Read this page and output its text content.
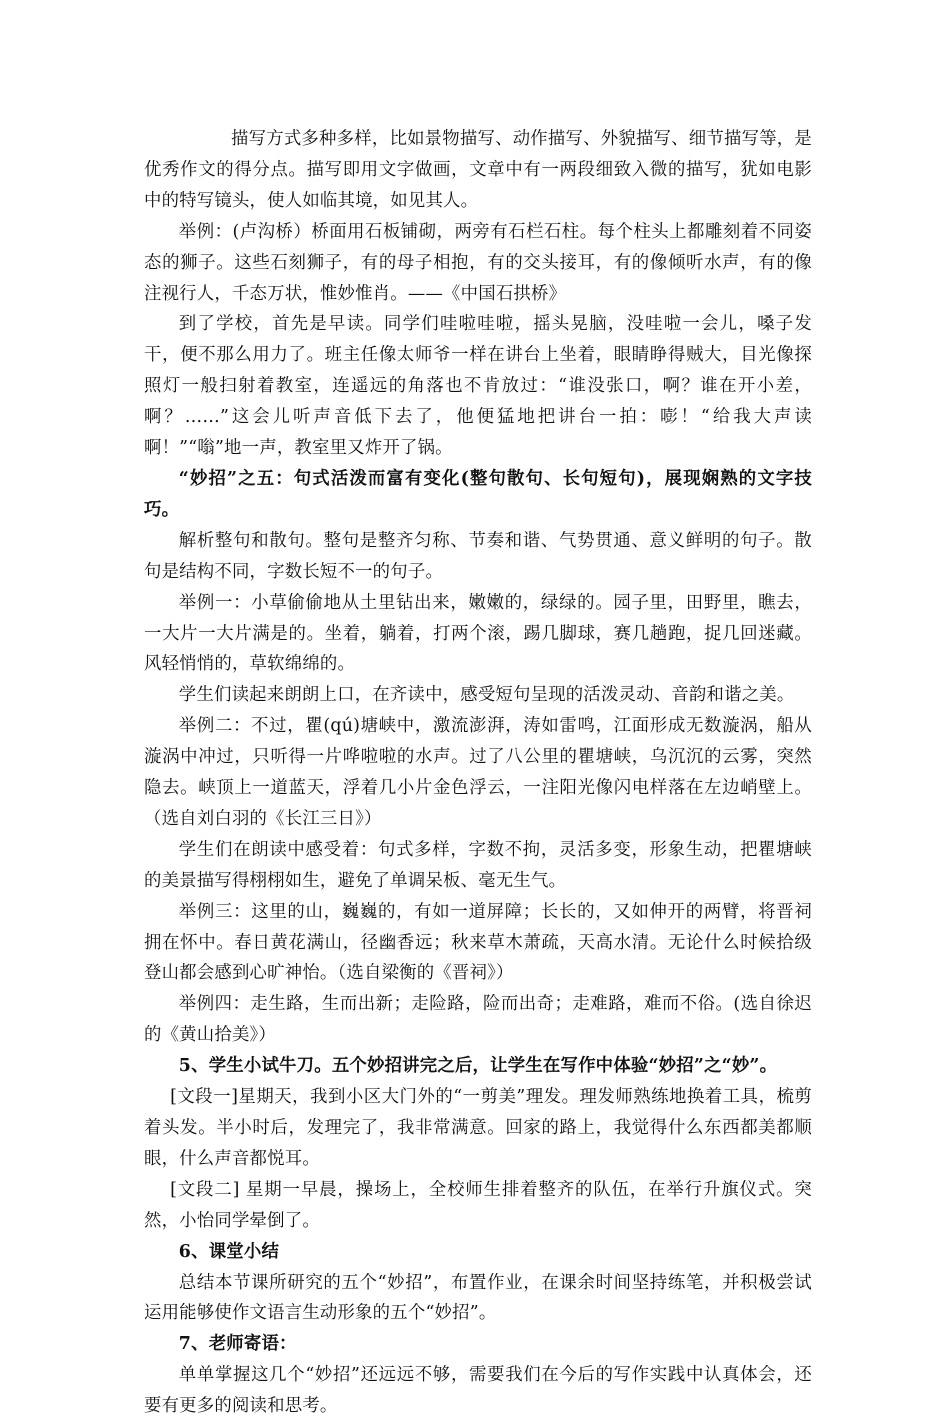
描写方式多种多样，比如景物描写、动作描写、外貌描写、细节描写等，是优秀作文的得分点。描写即用文字做画，文章中有一两段细致入微的描写，犹如电影中的特写镜头，使人如临其境，如见其人。

举例：(卢沟桥）桥面用石板铺砌，两旁有石栏石柱。每个柱头上都雕刻着不同姿态的狮子。这些石刻狮子，有的母子相抱，有的交头接耳，有的像倾听水声，有的像注视行人，千态万状，惟妙惟肖。——《中国石拱桥》

到了学校，首先是早读。同学们哇啦哇啦，摇头晃脑，没哇啦一会儿，嗓子发干，便不那么用力了。班主任像太师爷一样在讲台上坐着，眼睛睁得贼大，目光像探照灯一般扫射着教室，连遥远的角落也不肯放过：“谁没张口，啊？谁在开小差，啊？……”这会儿听声音低下去了，他便猛地把讲台一拍：嘭！“给我大声读啊！”“嗡”地一声，教室里又炸开了锅。

“妙招”之五：句式活泼而富有变化(整句散句、长句短句)，展现娴熟的文字技巧。

解析整句和散句。整句是整齐匀称、节奏和谐、气势贯通、意义鲜明的句子。散句是结构不同，字数长短不一的句子。

举例一：小草偷偷地从土里钻出来，嫩嫩的，绿绿的。园子里，田野里，瞧去，一大片一大片满是的。坐着，躺着，打两个滚，踢几脚球，赛几趟跑，捉几回迷藏。风轻悄悄的，草软绵绵的。

学生们读起来朗朗上口，在齐读中，感受短句呈现的活泼灵动、音韵和谐之美。

举例二：不过，瞿(qú)塘峡中，激流澎湃，涛如雷鸣，江面形成无数漩涡，船从漩涡中冲过，只听得一片哗啦啦的水声。过了八公里的瞿塘峡，乌沉沉的云雾，突然隐去。峡顶上一道蓝天，浮着几小片金色浮云，一注阳光像闪电样落在左边峭壁上。（选自刘白羽的《长江三日》）

学生们在朗读中感受着：句式多样，字数不拘，灵活多变，形象生动，把瞿塘峡的美景描写得栩栩如生，避免了单调呆板、毫无生气。

举例三：这里的山，巍巍的，有如一道屏障；长长的，又如伸开的两臂，将晋祠拥在怀中。春日黄花满山，径幽香远；秋来草木萧疏，天高水清。无论什么时候拾级登山都会感到心旷神怡。（选自梁衡的《晋祠》）

举例四：走生路，生而出新；走险路，险而出奇；走难路，难而不俗。(选自徐迟的《黄山拾美》）

5、学生小试牛刀。五个妙招讲完之后，让学生在写作中体验“妙招”之“妙”。

[文段一]星期天，我到小区大门外的“一剪美”理发。理发师熟练地换着工具，梳剪着头发。半小时后，发理完了，我非常满意。回家的路上，我觉得什么东西都美都顺眼，什么声音都悦耳。

[文段二] 星期一早晨，操场上，全校师生排着整齐的队伍，在举行升旗仪式。突然，小怡同学晕倒了。

6、课堂小结

总结本节课所研究的五个“妙招”，布置作业，在课余时间坚持练笔，并积极尝试运用能够使作文语言生动形象的五个“妙招”。

7、老师寄语：

单单掌握这几个“妙招”还远远不够，需要我们在今后的写作实践中认真体会，还要有更多的阅读和思考。
